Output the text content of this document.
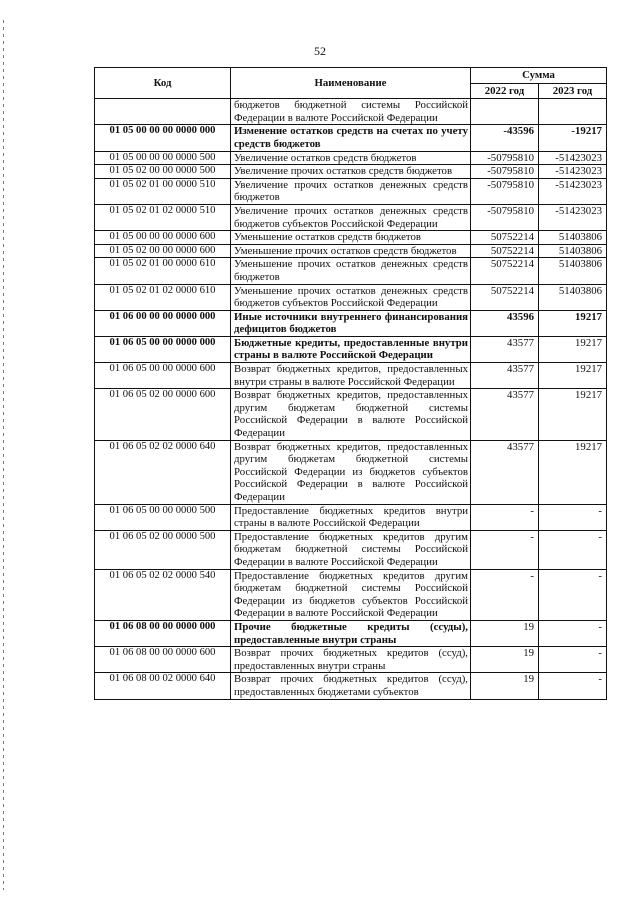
52
Код	Наименование	Сумма	
		2022 год	2023 год
	бюджетов бюджетной системы Российской Федерации в валюте Российской Федерации		
01 05 00 00 00 0000 000	Изменение остатков средств на счетах по учету средств бюджетов	-43596	-19217
01 05 00 00 00 0000 500	Увеличение остатков средств бюджетов	-50795810	-51423023
01 05 02 00 00 0000 500	Увеличение прочих остатков средств бюджетов	-50795810	-51423023
01 05 02 01 00 0000 510	Увеличение прочих остатков денежных средств бюджетов	-50795810	-51423023
01 05 02 01 02 0000 510	Увеличение прочих остатков денежных средств бюджетов субъектов Российской Федерации	-50795810	-51423023
01 05 00 00 00 0000 600	Уменьшение остатков средств бюджетов	50752214	51403806
01 05 02 00 00 0000 600	Уменьшение прочих остатков средств бюджетов	50752214	51403806
01 05 02 01 00 0000 610	Уменьшение прочих остатков денежных средств бюджетов	50752214	51403806
01 05 02 01 02 0000 610	Уменьшение прочих остатков денежных средств бюджетов субъектов Российской Федерации	50752214	51403806
01 06 00 00 00 0000 000	Иные источники внутреннего финансирования дефицитов бюджетов	43596	19217
01 06 05 00 00 0000 000	Бюджетные кредиты, предоставленные внутри страны в валюте Российской Федерации	43577	19217
01 06 05 00 00 0000 600	Возврат бюджетных кредитов, предоставленных внутри страны в валюте Российской Федерации	43577	19217
01 06 05 02 00 0000 600	Возврат бюджетных кредитов, предоставленных другим бюджетам бюджетной системы Российской Федерации в валюте Российской Федерации	43577	19217
01 06 05 02 02 0000 640	Возврат бюджетных кредитов, предоставленных другим бюджетам бюджетной системы Российской Федерации из бюджетов субъектов Российской Федерации в валюте Российской Федерации	43577	19217
01 06 05 00 00 0000 500	Предоставление бюджетных кредитов внутри страны в валюте Российской Федерации	-	-
01 06 05 02 00 0000 500	Предоставление бюджетных кредитов другим бюджетам бюджетной системы Российской Федерации в валюте Российской Федерации	-	-
01 06 05 02 02 0000 540	Предоставление бюджетных кредитов другим бюджетам бюджетной системы Российской Федерации из бюджетов субъектов Российской Федерации в валюте Российской Федерации	-	-
01 06 08 00 00 0000 000	Прочие бюджетные кредиты (ссуды), предоставленные внутри страны	19	-
01 06 08 00 00 0000 600	Возврат прочих бюджетных кредитов (ссуд), предоставленных внутри страны	19	-
01 06 08 00 02 0000 640	Возврат прочих бюджетных кредитов (ссуд), предоставленных бюджетами субъектов	19	-
